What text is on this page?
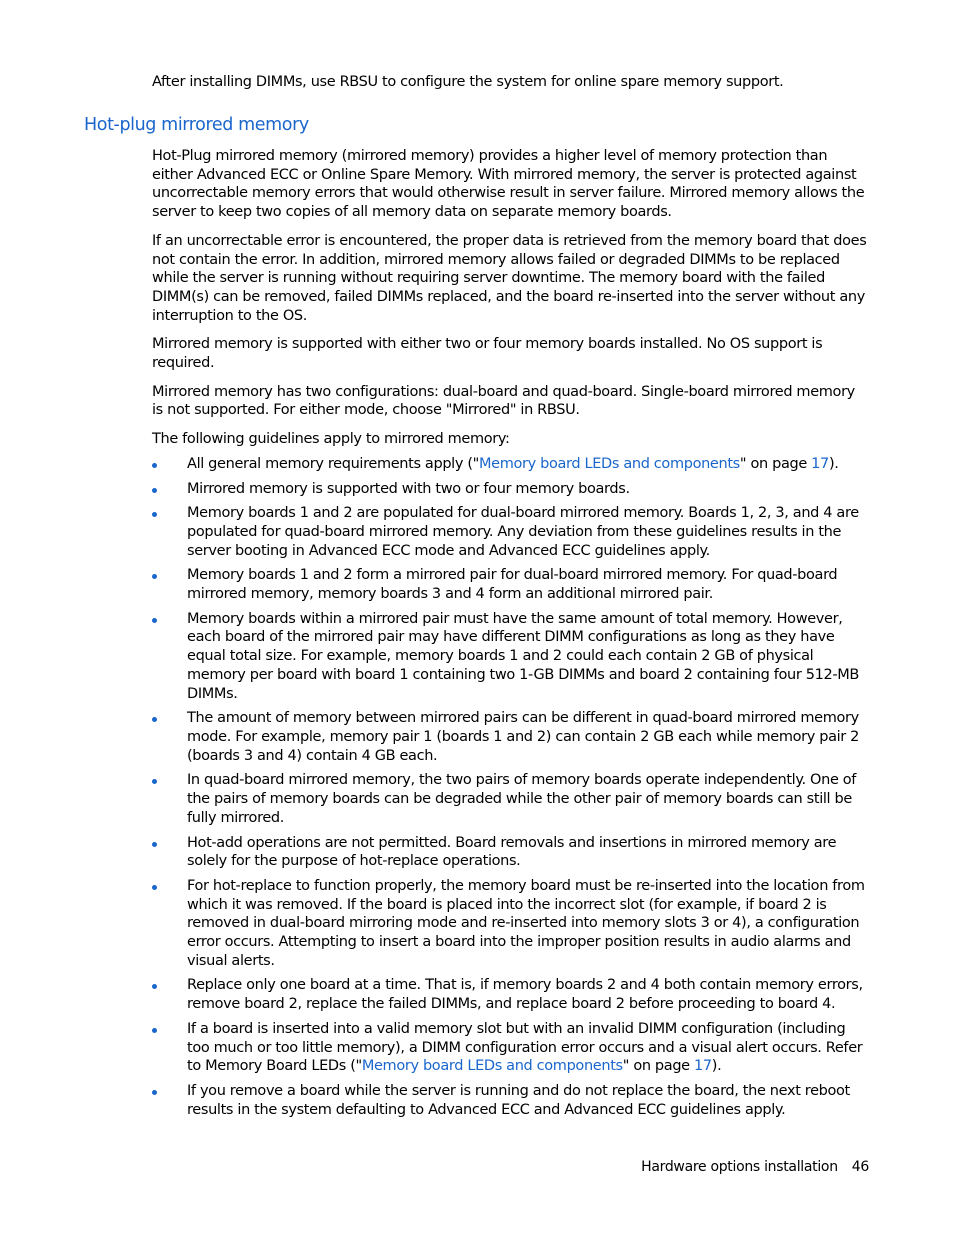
After installing DIMMs, use RBSU to configure the system for online spare memory support.

Hot-plug mirrored memory

Hot-Plug mirrored memory (mirrored memory) provides a higher level of memory protection than either Advanced ECC or Online Spare Memory. With mirrored memory, the server is protected against uncorrectable memory errors that would otherwise result in server failure. Mirrored memory allows the server to keep two copies of all memory data on separate memory boards.

If an uncorrectable error is encountered, the proper data is retrieved from the memory board that does not contain the error. In addition, mirrored memory allows failed or degraded DIMMs to be replaced while the server is running without requiring server downtime. The memory board with the failed DIMM(s) can be removed, failed DIMMs replaced, and the board re-inserted into the server without any interruption to the OS.

Mirrored memory is supported with either two or four memory boards installed. No OS support is required.

Mirrored memory has two configurations: dual-board and quad-board. Single-board mirrored memory is not supported. For either mode, choose "Mirrored" in RBSU.

The following guidelines apply to mirrored memory:

All general memory requirements apply ("Memory board LEDs and components" on page 17).
Mirrored memory is supported with two or four memory boards.
Memory boards 1 and 2 are populated for dual-board mirrored memory. Boards 1, 2, 3, and 4 are populated for quad-board mirrored memory. Any deviation from these guidelines results in the server booting in Advanced ECC mode and Advanced ECC guidelines apply.
Memory boards 1 and 2 form a mirrored pair for dual-board mirrored memory. For quad-board mirrored memory, memory boards 3 and 4 form an additional mirrored pair.
Memory boards within a mirrored pair must have the same amount of total memory. However, each board of the mirrored pair may have different DIMM configurations as long as they have equal total size. For example, memory boards 1 and 2 could each contain 2 GB of physical memory per board with board 1 containing two 1-GB DIMMs and board 2 containing four 512-MB DIMMs.
The amount of memory between mirrored pairs can be different in quad-board mirrored memory mode. For example, memory pair 1 (boards 1 and 2) can contain 2 GB each while memory pair 2 (boards 3 and 4) contain 4 GB each.
In quad-board mirrored memory, the two pairs of memory boards operate independently. One of the pairs of memory boards can be degraded while the other pair of memory boards can still be fully mirrored.
Hot-add operations are not permitted. Board removals and insertions in mirrored memory are solely for the purpose of hot-replace operations.
For hot-replace to function properly, the memory board must be re-inserted into the location from which it was removed. If the board is placed into the incorrect slot (for example, if board 2 is removed in dual-board mirroring mode and re-inserted into memory slots 3 or 4), a configuration error occurs. Attempting to insert a board into the improper position results in audio alarms and visual alerts.
Replace only one board at a time. That is, if memory boards 2 and 4 both contain memory errors, remove board 2, replace the failed DIMMs, and replace board 2 before proceeding to board 4.
If a board is inserted into a valid memory slot but with an invalid DIMM configuration (including too much or too little memory), a DIMM configuration error occurs and a visual alert occurs. Refer to Memory Board LEDs ("Memory board LEDs and components" on page 17).
If you remove a board while the server is running and do not replace the board, the next reboot results in the system defaulting to Advanced ECC and Advanced ECC guidelines apply.
Hardware options installation 46
